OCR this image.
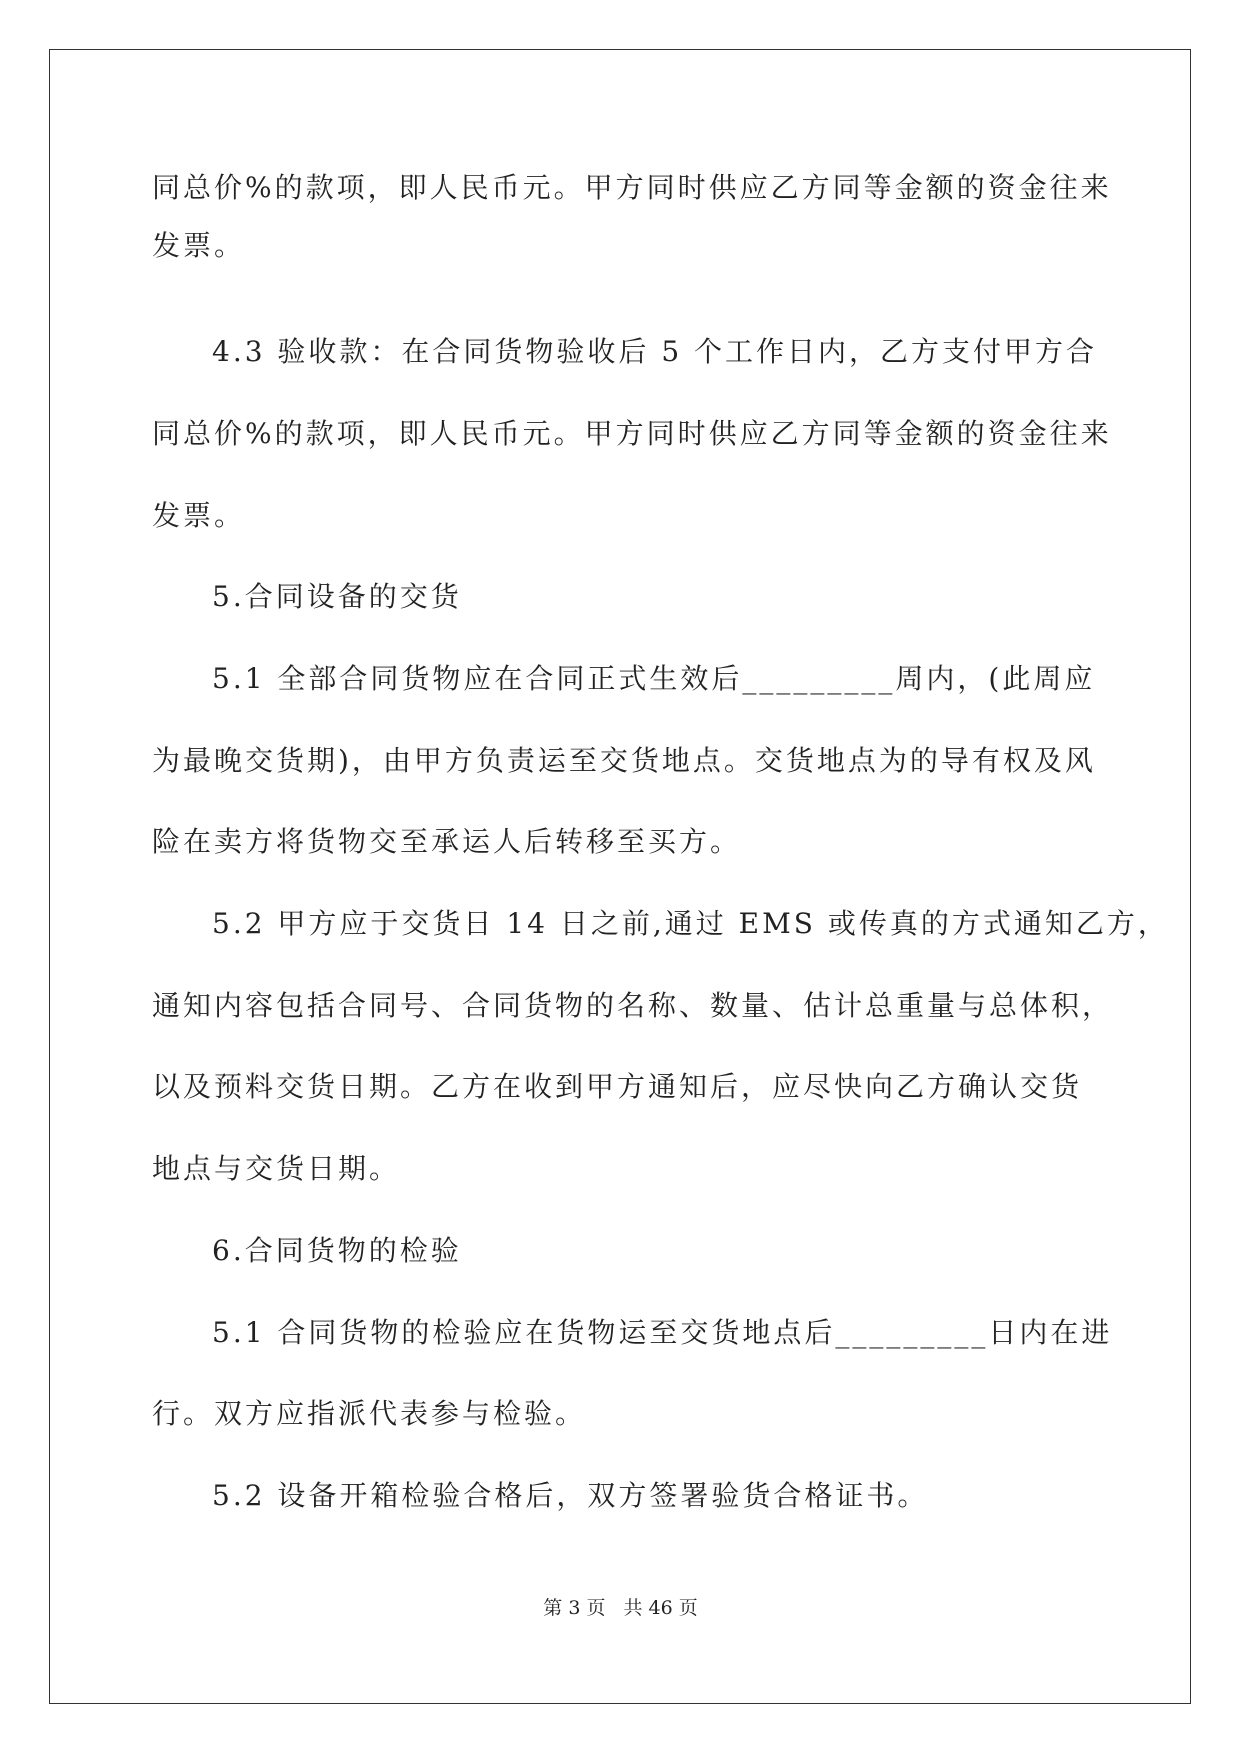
同总价%的款项，即人民币元。甲方同时供应乙方同等金额的资金往来
发票。
4.3 验收款：在合同货物验收后 5 个工作日内，乙方支付甲方合
同总价%的款项，即人民币元。甲方同时供应乙方同等金额的资金往来
发票。
5.合同设备的交货
5.1 全部合同货物应在合同正式生效后_________周内，(此周应
为最晚交货期)，由甲方负责运至交货地点。交货地点为的导有权及风
险在卖方将货物交至承运人后转移至买方。
5.2 甲方应于交货日 14 日之前,通过 EMS 或传真的方式通知乙方，
通知内容包括合同号、合同货物的名称、数量、估计总重量与总体积，
以及预料交货日期。乙方在收到甲方通知后，应尽快向乙方确认交货
地点与交货日期。
6.合同货物的检验
5.1 合同货物的检验应在货物运至交货地点后_________日内在进
行。双方应指派代表参与检验。
5.2 设备开箱检验合格后，双方签署验货合格证书。
第 3 页 共 46 页
